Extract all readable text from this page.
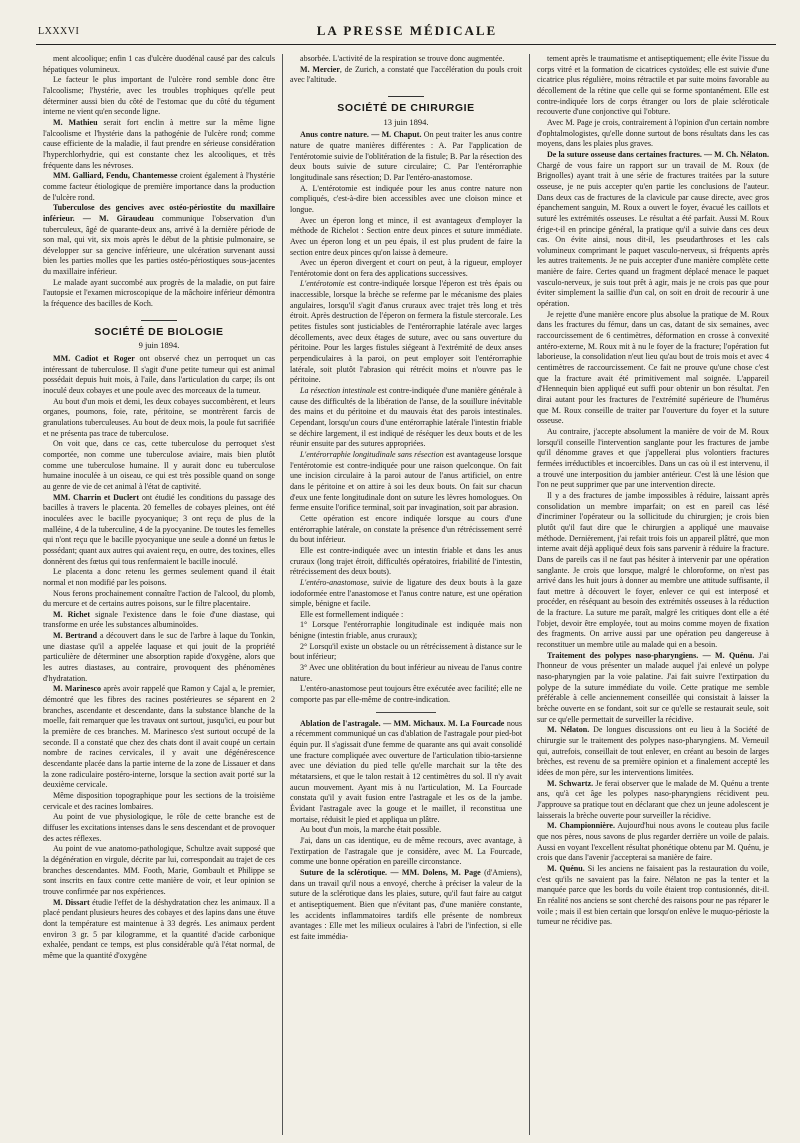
LXXXVI	LA PRESSE MÉDICALE

ment alcoolique; enfin 1 cas d'ulcère duodénal causé par des calculs hépatiques volumineux.

Le facteur le plus important de l'ulcère rond semble donc être l'alcoolisme; l'hystérie, avec les troubles trophiques qu'elle peut déterminer aussi bien du côté de l'estomac que du côté du tégument interne ne vient qu'en seconde ligne.

M. Mathieu serait fort enclin à mettre sur la même ligne l'alcoolisme et l'hystérie dans la pathogénie de l'ulcère rond; comme cause efficiente de la maladie, il faut prendre en sérieuse considération l'hyperchlorhydrie, qui est constante chez les alcooliques, et très fréquente dans les névroses.

MM. Galliard, Fendu, Chantemesse croient également à l'hystérie comme facteur étiologique de première importance dans la production de l'ulcère rond.

Tuberculose des gencives avec ostéo-périostite du maxillaire inférieur. — M. Giraudeau communique l'observation d'un tuberculeux, âgé de quarante-deux ans, arrivé à la dernière période de son mal, qui vit, six mois après le début de la phtisie pulmonaire, se développer sur sa gencive inférieure, une ulcération survenant aussi bien les parties molles que les parties ostéo-périostiques sous-jacentes du maxillaire inférieur.

Le malade ayant succombé aux progrès de la maladie, on put faire l'autopsie et l'examen microscopique de la mâchoire inférieur démontra la fréquence des bacilles de Koch.

SOCIÉTÉ DE BIOLOGIE
9 juin 1894.

MM. Cadiot et Roger ont observé chez un perroquet un cas intéressant de tuberculose. Il s'agit d'une petite tumeur qui est animal possédait depuis huit mois, à l'aile, dans l'articulation du carpe; ils ont inoculé deux cobayes et une poule avec des morceaux de la tumeur.

Au bout d'un mois et demi, les deux cobayes succombèrent, et leurs organes, poumons, foie, rate, péritoine, se montrèrent farcis de granulations tuberculeuses. Au bout de deux mois, la poule fut sacrifiée et ne présenta pas trace de tuberculose.

On voit que, dans ce cas, cette tuberculose du perroquet s'est comportée, non comme une tuberculose aviaire, mais bien plutôt comme une tuberculose humaine. Il y aurait donc eu tuberculose humaine inoculée à un oiseau, ce qui est très possible quand on songe au genre de vie de cet animal à l'état de captivité.

MM. Charrin et Duclert ont étudié les conditions du passage des bacilles à travers le placenta. 20 femelles de cobayes pleines, ont été inoculées avec le bacille pyocyanique; 3 ont reçu de plus de la malléine, 4 de la tuberculine, 4 de la pyocyanine. De toutes les femelles qui n'ont reçu que le bacille pyocyanique une seule a donné un fœtus le possédant; quant aux autres qui avaient reçu, en outre, des toxines, elles donnèrent des fœtus qui tous renfermaient le bacille inoculé.

Le placenta a donc retenu les germes seulement quand il était normal et non modifié par les poisons.

Nous ferons prochainement connaître l'action de l'alcool, du plomb, du mercure et de certains autres poisons, sur le filtre placentaire.

M. Richet signale l'existence dans le foie d'une diastase, qui transforme en urée les substances albuminoïdes.

M. Bertrand a découvert dans le suc de l'arbre à laque du Tonkin, une diastase qu'il a appelée laquase et qui jouit de la propriété particulière de déterminer une absorption rapide d'oxygène, alors que les autres diastases, au contraire, provoquent des phénomènes d'hydratation.

M. Marinesco après avoir rappelé que Ramon y Cajal a, le premier, démontré que les fibres des racines postérieures se séparent en 2 branches, ascendante et descendante, dans la substance blanche de la moelle, fait remarquer que les travaux ont surtout, jusqu'ici, eu pour but la première de ces branches. M. Marinesco s'est surtout occupé de la seconde. Il a constaté que chez des chats dont il avait coupé un certain nombre de racines cervicales, il y avait une dégénérescence descendante placée dans la partie interne de la zone de Lissauer et dans la zone radiculaire postéro-interne, lorsque la section avait porté sur la deuxième cervicale.

Même disposition topographique pour les sections de la troisième cervicale et des racines lombaires.

Au point de vue physiologique, le rôle de cette branche est de diffuser les excitations intenses dans le sens descendant et de provoquer des actes réflexes.

Au point de vue anatomo-pathologique, Schultze avait supposé que la dégénération en virgule, décrite par lui, correspondait au trajet de ces branches descendantes. MM. Footh, Marie, Gombault et Philippe se sont inscrits en faux contre cette manière de voir, et leur opinion se trouve confirmée par nos expériences.

M. Dissart étudie l'effet de la déshydratation chez les animaux. Il a placé pendant plusieurs heures des cobayes et des lapins dans une étuve dont la température est maintenue à 33 degrés. Les animaux perdent environ 3 gr. 5 par kilogramme, et la quantité d'acide carbonique exhalée, pendant ce temps, est plus considérable qu'à l'état normal, de même que la quantité d'oxygène

absorbée. L'activité de la respiration se trouve donc augmentée.

M. Mercier, de Zurich, a constaté que l'accélération du pouls croit avec l'altitude.

SOCIÉTÉ DE CHIRURGIE
13 juin 1894.

Anus contre nature. — M. Chaput. On peut traiter les anus contre nature de quatre manières différentes : A. Par l'application de l'entérotomie suivie de l'oblitération de la fistule; B. Par la résection des deux bouts suivie de suture circulaire; C. Par l'entérorraphie longitudinale sans résection; D. Par l'entéro-anastomose.

A. L'entérotomie est indiquée pour les anus contre nature non compliqués, c'est-à-dire bien accessibles avec une cloison mince et longue.

Avec un éperon long et mince, il est avantageux d'employer la méthode de Richelot : Section entre deux pinces et suture immédiate. Avec un éperon long et un peu épais, il est plus prudent de faire la section entre deux pinces qu'on laisse à demeure.

Avec un éperon divergent et court on peut, à la rigueur, employer l'entérotomie dont on fera des applications successives.

L'entérotomie est contre-indiquée lorsque l'éperon est très épais ou inaccessible, lorsque la brèche se referme par le mécanisme des plaies angulaires, lorsqu'il s'agit d'anus cruraux avec trajet très long et très étroit. Après destruction de l'éperon on fermera la fistule stercorale. Les petites fistules sont justiciables de l'entérorraphie latérale avec larges décollements, avec deux étages de suture, avec ou sans ouverture du péritoine. Pour les larges fistules siégeant à l'extrémité de deux anses perpendiculaires à la paroi, on peut employer soit l'entérorraphie latérale, soit plutôt l'abrasion qui rétrécit moins et n'ouvre pas le péritoine.

La résection intestinale est contre-indiquée d'une manière générale à cause des difficultés de la libération de l'anse, de la souillure inévitable des mains et du péritoine et du mauvais état des parois intestinales. Cependant, lorsqu'un cours d'une entérorraphie latérale l'intestin friable se déchire largement, il est indiqué de réséquer les deux bouts et de les réunir ensuite par des sutures appropriées.

L'entérorraphie longitudinale sans résection est avantageuse lorsque l'entérotomie est contre-indiquée pour une raison quelconque. On fait une incision circulaire à la paroi autour de l'anus artificiel, on entre dans le péritoine et on attire à soi les deux bouts. On fait sur chacun d'eux une fente longitudinale dont on suture les lèvres homologues. On ferme ensuite l'orifice terminal, soit par invagination, soit par abrasion.

Cette opération est encore indiquée lorsque au cours d'une entérorraphie latérale, on constate la présence d'un rétrécissement serré du bout inférieur.

Elle est contre-indiquée avec un intestin friable et dans les anus cruraux (long trajet étroit, difficultés opératoires, friabilité de l'intestin, rétrécissement des deux bouts).

L'entéro-anastomose, suivie de ligature des deux bouts à la gaze iodoformée entre l'anastomose et l'anus contre nature, est une opération simple, bénigne et facile.

Elle est formellement indiquée :

1° Lorsque l'entérorraphie longitudinale est indiquée mais non bénigne (intestin friable, anus cruraux);

2° Lorsqu'il existe un obstacle ou un rétrécissement à distance sur le bout inférieur;

3° Avec une oblitération du bout inférieur au niveau de l'anus contre nature.

L'entéro-anastomose peut toujours être exécutée avec facilité; elle ne comporte pas par elle-même de contre-indication.

Ablation de l'astragale. — MM. Michaux. M. La Fourcade nous a récemment communiqué un cas d'ablation de l'astragale pour pied-bot équin pur. Il s'agissait d'une femme de quarante ans qui avait consolidé une fracture compliquée avec ouverture de l'articulation tibio-tarsienne avec une déviation du pied telle qu'elle marchait sur la tête des métatarsiens, et que le talon restait à 12 centimètres du sol. Il n'y avait aucun mouvement. Ayant mis à nu l'articulation, M. La Fourcade constata qu'il y avait fusion entre l'astragale et les os de la jambe. Évidant l'astragale avec la gouge et le maillet, il reconstitua une mortaise, réduisit le pied et appliqua un plâtre.

Au bout d'un mois, la marche était possible.

J'ai, dans un cas identique, eu de même recours, avec avantage, à l'extirpation de l'astragale que je considère, avec M. La Fourcade, comme une bonne opération en pareille circonstance.

Suture de la sclérotique. — MM. Dolens, M. Page (d'Amiens), dans un travail qu'il nous a envoyé, cherche à préciser la valeur de la suture de la sclérotique dans les plaies, suture, qu'il faut faire au catgut et antiseptiquement. Bien que n'évitant pas, d'une manière constante, les accidents inflammatoires tardifs elle présente de nombreux avantages : Elle met les milieux oculaires à l'abri de l'infection, si elle est faite immédia-

tement après le traumatisme et antiseptiquement; elle évite l'issue du corps vitré et la formation de cicatrices cystoïdes; elle est suivie d'une cicatrice plus régulière, moins rétractile et par suite moins favorable au décollement de la rétine que celle qui se forme spontanément. Elle est contre-indiquée lors de corps étranger ou lors de plaie scléroticale recouverte d'une conjonctive qui l'obture.

Avec M. Page je crois, contrairement à l'opinion d'un certain nombre d'ophtalmologistes, qu'elle donne surtout de bons résultats dans les cas moyens, dans les plaies plus graves.

De la suture osseuse dans certaines fractures. — M. Ch. Nélaton. Chargé de vous faire un rapport sur un travail de M. Roux (de Brignolles) ayant trait à une série de fractures traitées par la suture osseuse, je ne puis accepter qu'en partie les conclusions de l'auteur. Dans deux cas de fractures de la clavicule par cause directe, avec gros épanchement sanguin, M. Roux a ouvert le foyer, évacué les caillots et suturé les extrémités osseuses. Le résultat a été parfait. Aussi M. Roux érige-t-il en principe général, la pratique qu'il a suivie dans ces deux cas. On évite ainsi, nous dit-il, les pseudarthroses et les cals volumineux comprimant le paquet vasculo-nerveux, si fréquents après les autres traitements. Je ne puis accepter d'une manière complète cette manière de faire. Certes quand un fragment déplacé menace le paquet vasculo-nerveux, je suis tout prêt à agir, mais je ne crois pas que pour éviter simplement la saillie d'un cal, on soit en droit de recourir à une opération.

Je rejette d'une manière encore plus absolue la pratique de M. Roux dans les fractures du fémur, dans un cas, datant de six semaines, avec raccourcissement de 6 centimètres, déformation en crosse à convexité antéro-externe, M. Roux mit à nu le foyer de la fracture; l'opération fut laborieuse, la consolidation n'eut lieu qu'au bout de trois mois et avec 4 centimètres de raccourcissement. Ce fait ne prouve qu'une chose c'est que la fracture avait été primitivement mal soignée. L'appareil d'Hennequin bien appliqué eut suffi pour obtenir un bon résultat. J'en dirai autant pour les fractures de l'extrémité supérieure de l'humérus que M. Roux conseille de traiter par l'ouverture du foyer et la suture osseuse.

Au contraire, j'accepte absolument la manière de voir de M. Roux lorsqu'il conseille l'intervention sanglante pour les fractures de jambe qu'il dénomme graves et que j'appellerai plus volontiers fractures fermées irréductibles et incoercibles. Dans un cas où il est intervenu, il a trouvé une interposition du jambier antérieur. C'est là une lésion que l'on ne peut supprimer que par une intervention directe.

Il y a des fractures de jambe impossibles à réduire, laissant après consolidation un membre imparfait; on est en pareil cas lésé d'incriminer l'opérateur ou la sollicitude du chirurgien; je crois bien plutôt qu'il faut dire que le chirurgien a appliqué une mauvaise méthode. Dernièrement, j'ai refait trois fois un appareil plâtré, que mon interne avait déjà appliqué deux fois sans parvenir à réduire la fracture. Dans de pareils cas il ne faut pas hésiter à intervenir par une opération sanglante. Je crois que lorsque, malgré le chloroforme, on n'est pas arrivé dans les huit jours à donner au membre une attitude suffisante, il faut mettre à découvert le foyer, enlever ce qui est interposé et procéder, en réséquant au besoin des extrémités osseuses à la réduction de la fracture. La suture me paraît, malgré les critiques dont elle a été l'objet, devoir être employée, tout au moins comme moyen de fixation des fragments. On arrive aussi par une opération peu dangereuse à reconstituer un membre utile au malade qui en a besoin.

Traitement des polypes naso-pharyngiens. — M. Quénu. J'ai l'honneur de vous présenter un malade auquel j'ai enlevé un polype naso-pharyngien par la voie palatine. J'ai fait suivre l'extirpation du polype de la suture immédiate du voile. Cette pratique me semble préférable à celle anciennement conseillée qui consistait à laisser la brèche ouverte en se fondant, soit sur ce qu'elle se restaurait seule, soit sur ce qu'elle permettait de surveiller la récidive.

M. Nélaton. De longues discussions ont eu lieu à la Société de chirurgie sur le traitement des polypes naso-pharyngiens. M. Verneuil qui, autrefois, conseillait de tout enlever, en créant au besoin de larges brèches, est revenu de sa première opinion et a finalement accepté les idées de mon père, sur les interventions limitées.

M. Schwartz. Je ferai observer que le malade de M. Quénu a trente ans, qu'à cet âge les polypes naso-pharyngiens récidivent peu. J'approuve sa pratique tout en déclarant que chez un jeune adolescent je laisserais la brèche ouverte pour surveiller la récidive.

M. Championnière. Aujourd'hui nous avons le couteau plus facile que nos pères, nous savons de plus regarder derrière un voile de palais. Aussi en voyant l'excellent résultat phonétique obtenu par M. Quénu, je crois que dans l'avenir j'accepterai sa manière de faire.

M. Quénu. Si les anciens ne faisaient pas la restauration du voile, c'est qu'ils ne savaient pas la faire. Nélaton ne pas la tenter et la manquée parce que les bords du voile étaient trop contusionnés, dit-il. En réalité nos anciens se sont cherché des raisons pour ne pas réparer le voile ; mais il est bien certain que lorsqu'on enlève le muquo-périoste la tumeur ne récidive pas.
